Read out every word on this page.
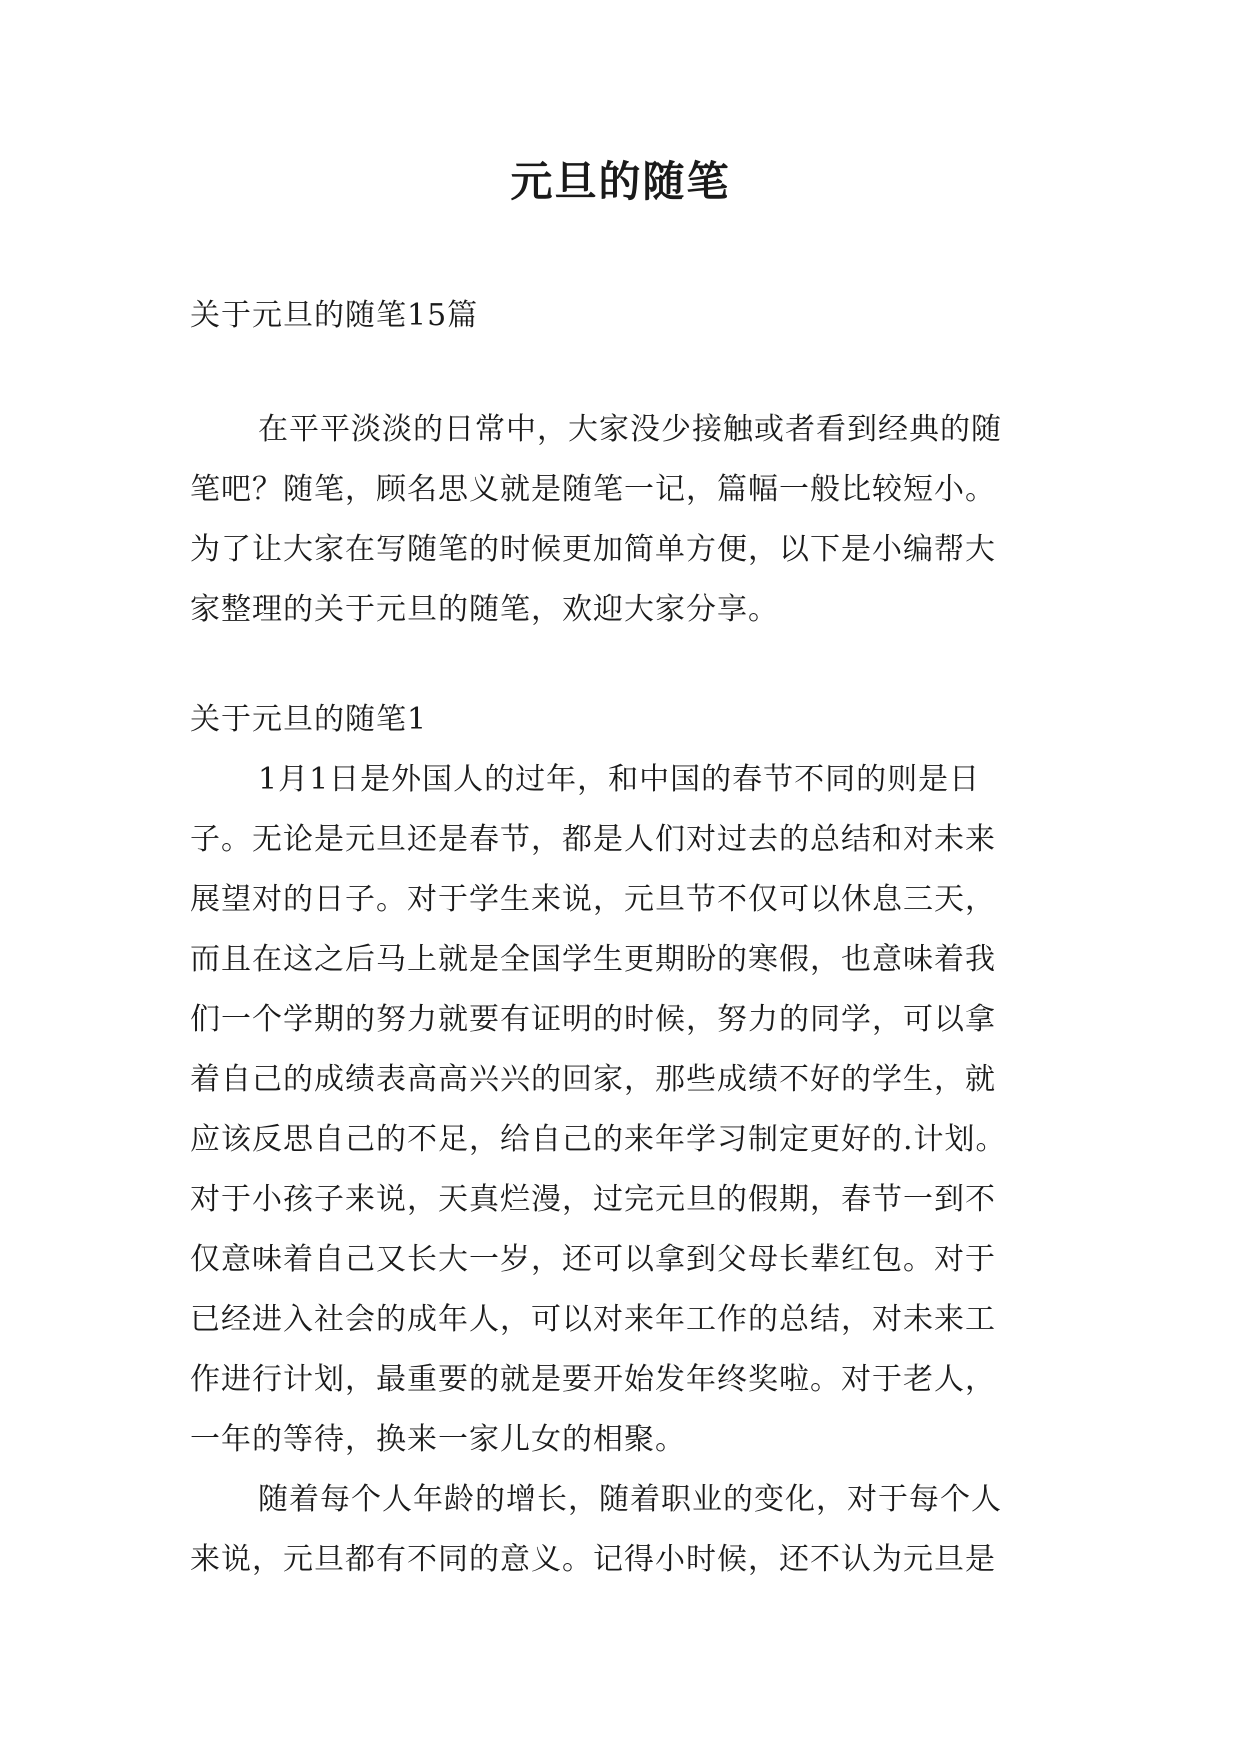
元旦的随笔

关于元旦的随笔15篇

在平平淡淡的日常中，大家没少接触或者看到经典的随
笔吧？随笔，顾名思义就是随笔一记，篇幅一般比较短小。
为了让大家在写随笔的时候更加简单方便，以下是小编帮大
家整理的关于元旦的随笔，欢迎大家分享。

关于元旦的随笔1

1月1日是外国人的过年，和中国的春节不同的则是日
子。无论是元旦还是春节，都是人们对过去的总结和对未来
展望对的日子。对于学生来说，元旦节不仅可以休息三天，
而且在这之后马上就是全国学生更期盼的寒假，也意味着我
们一个学期的努力就要有证明的时候，努力的同学，可以拿
着自己的成绩表高高兴兴的回家，那些成绩不好的学生，就
应该反思自己的不足，给自己的来年学习制定更好的.计划。
对于小孩子来说，天真烂漫，过完元旦的假期，春节一到不
仅意味着自己又长大一岁，还可以拿到父母长辈红包。对于
已经进入社会的成年人，可以对来年工作的总结，对未来工
作进行计划，最重要的就是要开始发年终奖啦。对于老人，
一年的等待，换来一家儿女的相聚。
随着每个人年龄的增长，随着职业的变化，对于每个人
来说，元旦都有不同的意义。记得小时候，还不认为元旦是
